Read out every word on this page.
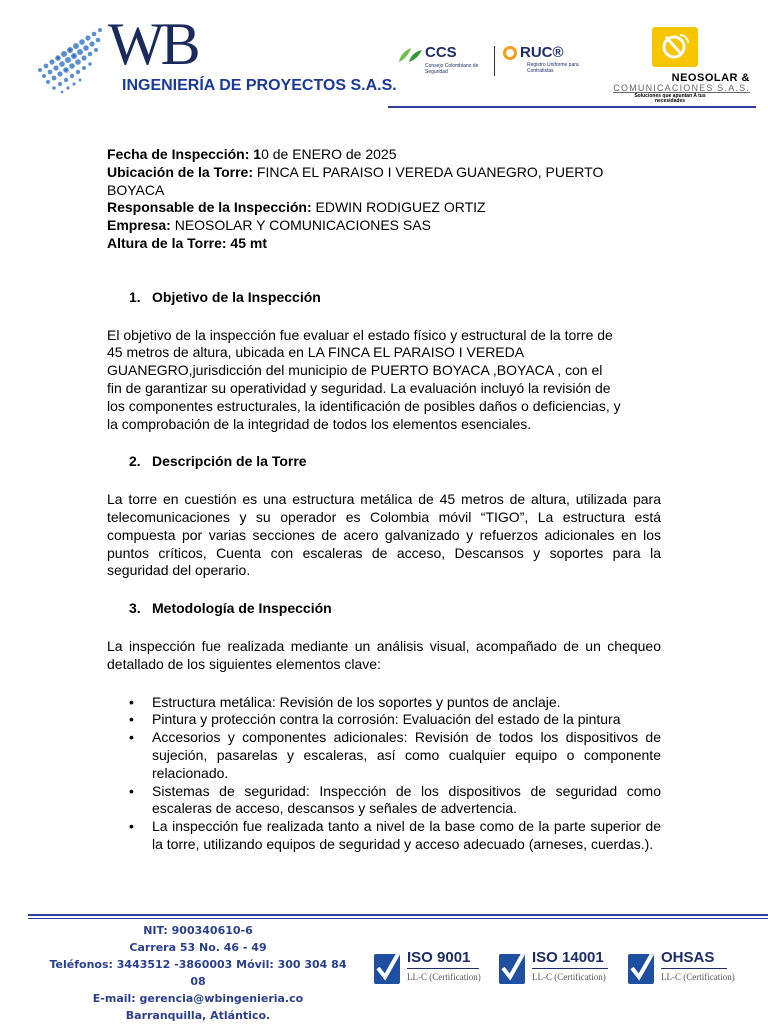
WB
INGENIERÍA DE PROYECTOS S.A.S.
CCS
Consejo Colombiano de Seguridad
RUC®
Registro Uniforme para Contratistas
NEOSOLAR &
COMUNICACIONES S.A.S.
Soluciones que apuntan A tus necesidades

Fecha de Inspección: 10 de ENERO de 2025

Ubicación de la Torre: FINCA EL PARAISO I VEREDA GUANEGRO, PUERTO

BOYACA

Responsable de la Inspección: EDWIN RODIGUEZ ORTIZ

Empresa: NEOSOLAR Y COMUNICACIONES SAS

Altura de la Torre: 45 mt

1. Objetivo de la Inspección

El objetivo de la inspección fue evaluar el estado físico y estructural de la torre de

45 metros de altura, ubicada en LA FINCA EL PARAISO I VEREDA

GUANEGRO,jurisdicción del municipio de PUERTO BOYACA ,BOYACA , con el

fin de garantizar su operatividad y seguridad. La evaluación incluyó la revisión de

los componentes estructurales, la identificación de posibles daños o deficiencias, y

la comprobación de la integridad de todos los elementos esenciales.

2. Descripción de la Torre

La torre en cuestión es una estructura metálica de 45 metros de altura, utilizada para telecomunicaciones y su operador es Colombia móvil “TIGO”, La estructura está compuesta por varias secciones de acero galvanizado y refuerzos adicionales en los puntos críticos, Cuenta con escaleras de acceso, Descansos y soportes para la seguridad del operario.

3. Metodología de Inspección

La inspección fue realizada mediante un análisis visual, acompañado de un chequeo detallado de los siguientes elementos clave:

• Estructura metálica: Revisión de los soportes y puntos de anclaje.
• Pintura y protección contra la corrosión: Evaluación del estado de la pintura
• Accesorios y componentes adicionales: Revisión de todos los dispositivos de sujeción, pasarelas y escaleras, así como cualquier equipo o componente relacionado.
• Sistemas de seguridad: Inspección de los dispositivos de seguridad como escaleras de acceso, descansos y señales de advertencia.
• La inspección fue realizada tanto a nivel de la base como de la parte superior de la torre, utilizando equipos de seguridad y acceso adecuado (arneses, cuerdas.).
NIT: 900340610-6
Carrera 53 No. 46 - 49
Teléfonos: 3443512 -3860003 Móvil: 300 304 84 08
E-mail: gerencia@wbingenieria.co
Barranquilla, Atlántico.
ISO 9001
LL-C (Certification)
ISO 14001
LL-C (Certification)
OHSAS
LL-C (Certification)
